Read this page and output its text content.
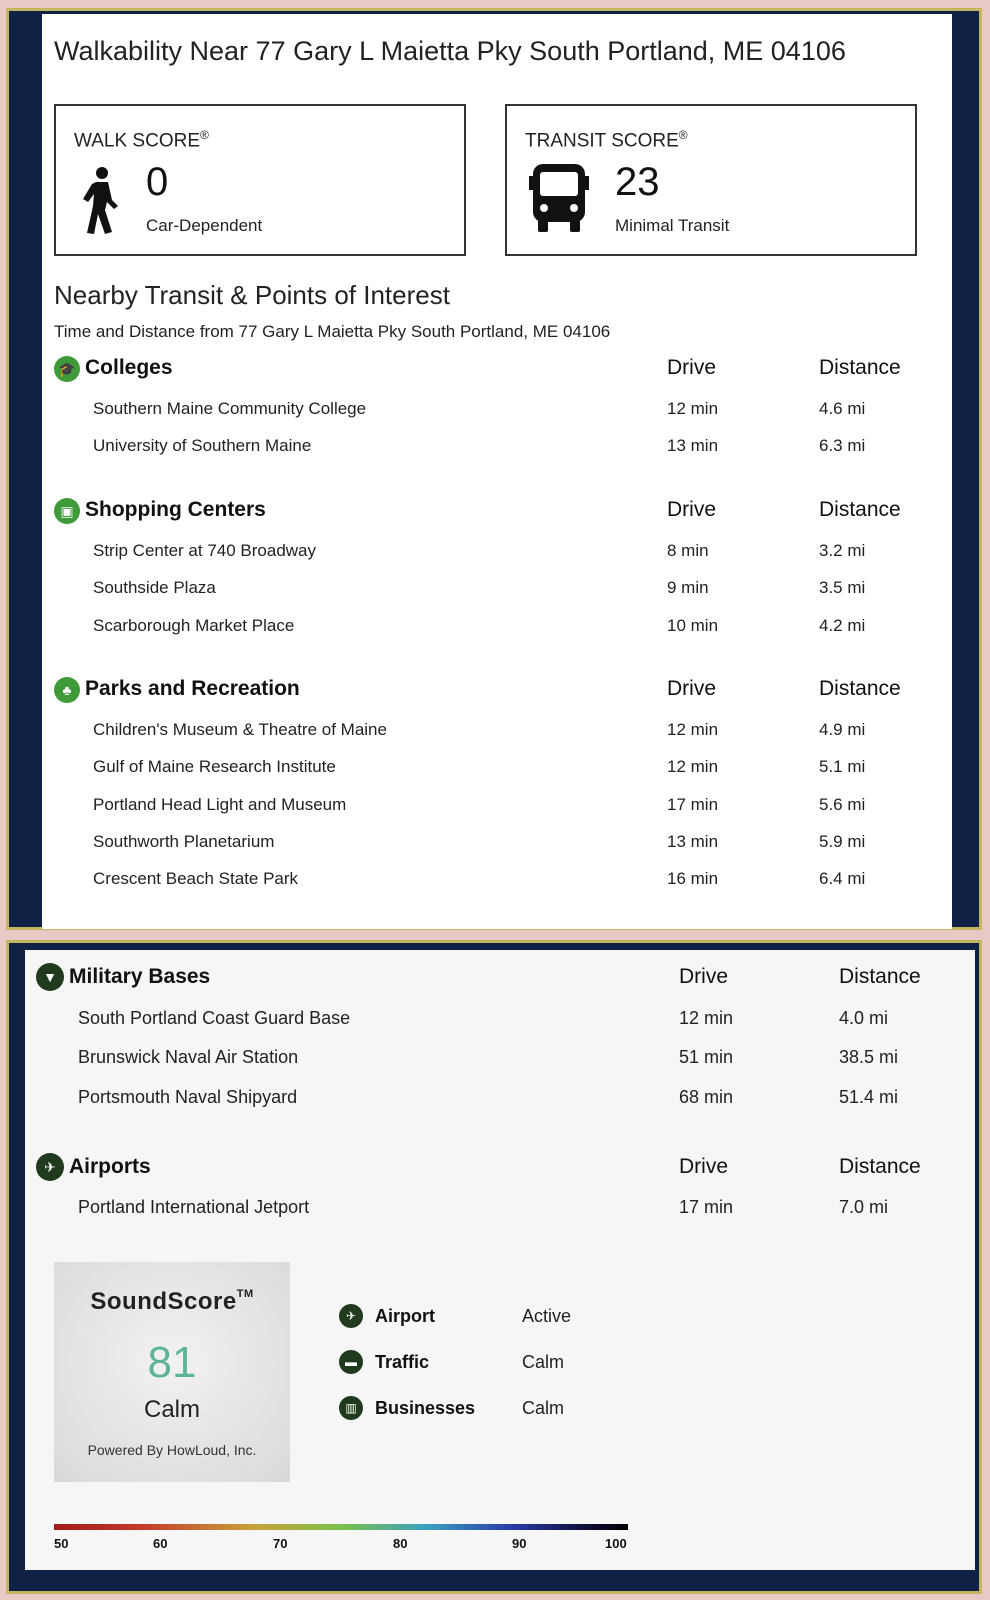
Walkability Near 77 Gary L Maietta Pky South Portland, ME 04106
WALK SCORE®
0
Car-Dependent
TRANSIT SCORE®
23
Minimal Transit
Nearby Transit & Points of Interest
Time and Distance from 77 Gary L Maietta Pky South Portland, ME 04106
🎓 Colleges	Drive	Distance
Southern Maine Community College	12 min	4.6 mi
University of Southern Maine	13 min	6.3 mi
▣ Shopping Centers	Drive	Distance
Strip Center at 740 Broadway	8 min	3.2 mi
Southside Plaza	9 min	3.5 mi
Scarborough Market Place	10 min	4.2 mi
♣ Parks and Recreation	Drive	Distance
Children's Museum & Theatre of Maine	12 min	4.9 mi
Gulf of Maine Research Institute	12 min	5.1 mi
Portland Head Light and Museum	17 min	5.6 mi
Southworth Planetarium	13 min	5.9 mi
Crescent Beach State Park	16 min	6.4 mi
▼ Military Bases	Drive	Distance
South Portland Coast Guard Base	12 min	4.0 mi
Brunswick Naval Air Station	51 min	38.5 mi
Portsmouth Naval Shipyard	68 min	51.4 mi
✈ Airports	Drive	Distance
Portland International Jetport	17 min	7.0 mi
SoundScore™
81
Calm
Powered By HowLoud, Inc.
✈	Airport	Active
▬	Traffic	Calm
▥	Businesses	Calm
50	60	70	80	90	100
